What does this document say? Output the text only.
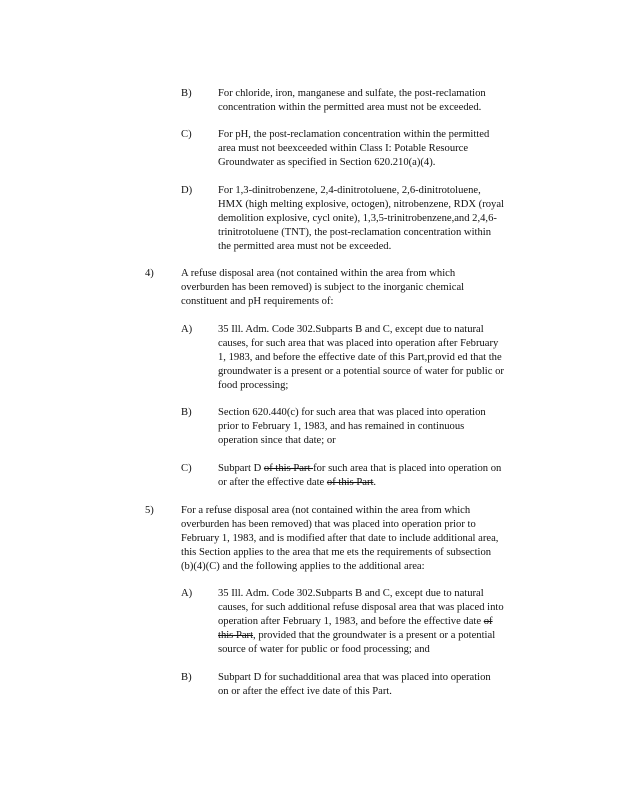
B) For chloride, iron, manganese and sulfate, the post-reclamation
concentration within the permitted area must not be exceeded.
C) For pH, the post-reclamation concentration within the permitted
area must not beexceeded within Class I: Potable Resource
Groundwater as specified in Section 620.210(a)(4).
D) For 1,3-dinitrobenzene, 2,4-dinitrotoluene, 2,6-dinitrotoluene,
HMX (high melting explosive, octogen), nitrobenzene, RDX (royal
demolition explosive, cycl onite), 1,3,5-trinitrobenzene,and 2,4,6-
trinitrotoluene (TNT), the post-reclamation concentration within
the permitted area must not be exceeded.
4)	A refuse disposal area (not contained within the area from which
overburden has been removed) is subject to the inorganic chemical
constituent and pH requirements of:
A) 35 Ill. Adm. Code 302.Subparts B and C, except due to natural
causes, for such area that was placed into operation after February
1, 1983, and before the effective date of this Part,provid ed that the
groundwater is a present or a potential source of water for public or
food processing;
B) Section 620.440(c) for such area that was placed into operation
prior to February 1, 1983, and has remained in continuous
operation since that date; or
C) Subpart D of this Part for such area that is placed into operation on
or after the effective date of this Part.
5)	For a refuse disposal area (not contained within the area from which
overburden has been removed) that was placed into operation prior to
February 1, 1983, and is modified after that date to include additional area,
this Section applies to the area that me ets the requirements of subsection
(b)(4)(C) and the following applies to the additional area:
A) 35 Ill. Adm. Code 302.Subparts B and C, except due to natural
causes, for such additional refuse disposal area that was placed into
operation after February 1, 1983, and before the effective date of
this Part, provided that the groundwater is a present or a potential
source of water for public or food processing; and
B) Subpart D for suchadditional area that was placed into operation
on or after the effect ive date of this Part.
